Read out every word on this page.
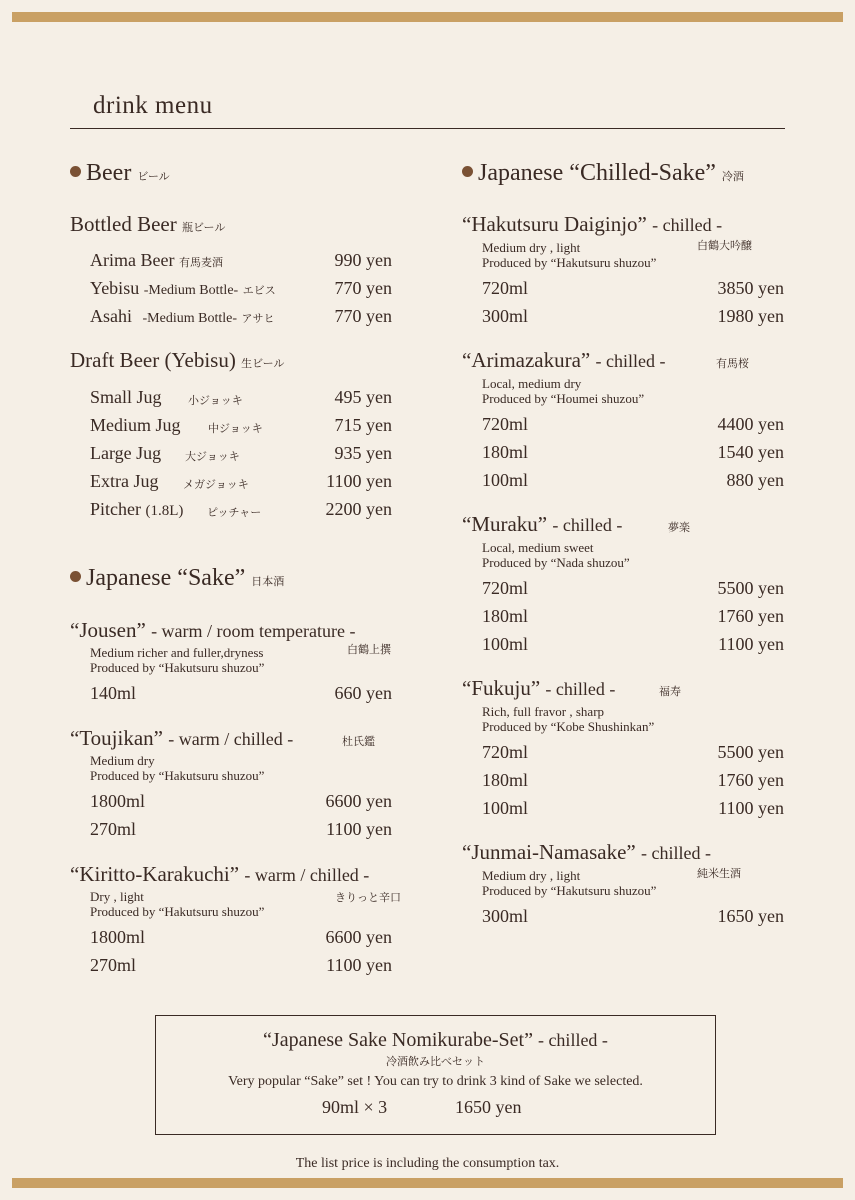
drink menu
Beer ビール
Bottled Beer 瓶ビール
Arima Beer 有馬麦酒	990 yen
Yebisu -Medium Bottle- エビス	770 yen
Asahi -Medium Bottle- アサヒ	770 yen
Draft Beer (Yebisu) 生ビール
Small Jug 小ジョッキ	495 yen
Medium Jug 中ジョッキ	715 yen
Large Jug 大ジョッキ	935 yen
Extra Jug メガジョッキ	1100 yen
Pitcher (1.8L) ピッチャー	2200 yen
Japanese “Sake” 日本酒
“Jousen” - warm / room temperature -
白鶴上撰
Medium richer and fuller,dryness
Produced by “Hakutsuru shuzou”
140ml	660 yen
“Toujikan” - warm / chilled -	杜氏鑑
Medium dry
Produced by “Hakutsuru shuzou”
1800ml	6600 yen
270ml	1100 yen
“Kiritto-Karakuchi” - warm / chilled -
きりっと辛口
Dry , light
Produced by “Hakutsuru shuzou”
1800ml	6600 yen
270ml	1100 yen
Japanese “Chilled-Sake” 冷酒
“Hakutsuru Daiginjo” - chilled -
白鶴大吟醸
Medium dry , light
Produced by “Hakutsuru shuzou”
720ml	3850 yen
300ml	1980 yen
“Arimazakura” - chilled -	有馬桜
Local, medium dry
Produced by “Houmei shuzou”
720ml	4400 yen
180ml	1540 yen
100ml	880 yen
“Muraku” - chilled -	夢楽
Local, medium sweet
Produced by “Nada shuzou”
720ml	5500 yen
180ml	1760 yen
100ml	1100 yen
“Fukuju” - chilled -	福寿
Rich, full fravor , sharp
Produced by “Kobe Shushinkan”
720ml	5500 yen
180ml	1760 yen
100ml	1100 yen
“Junmai-Namasake” - chilled -
純米生酒
Medium dry , light
Produced by “Hakutsuru shuzou”
300ml	1650 yen
“Japanese Sake Nomikurabe-Set” - chilled -
冷酒飲み比べセット
Very popular “Sake” set ! You can try to drink 3 kind of Sake we selected.
90ml × 3	1650 yen
The list price is including the consumption tax.
